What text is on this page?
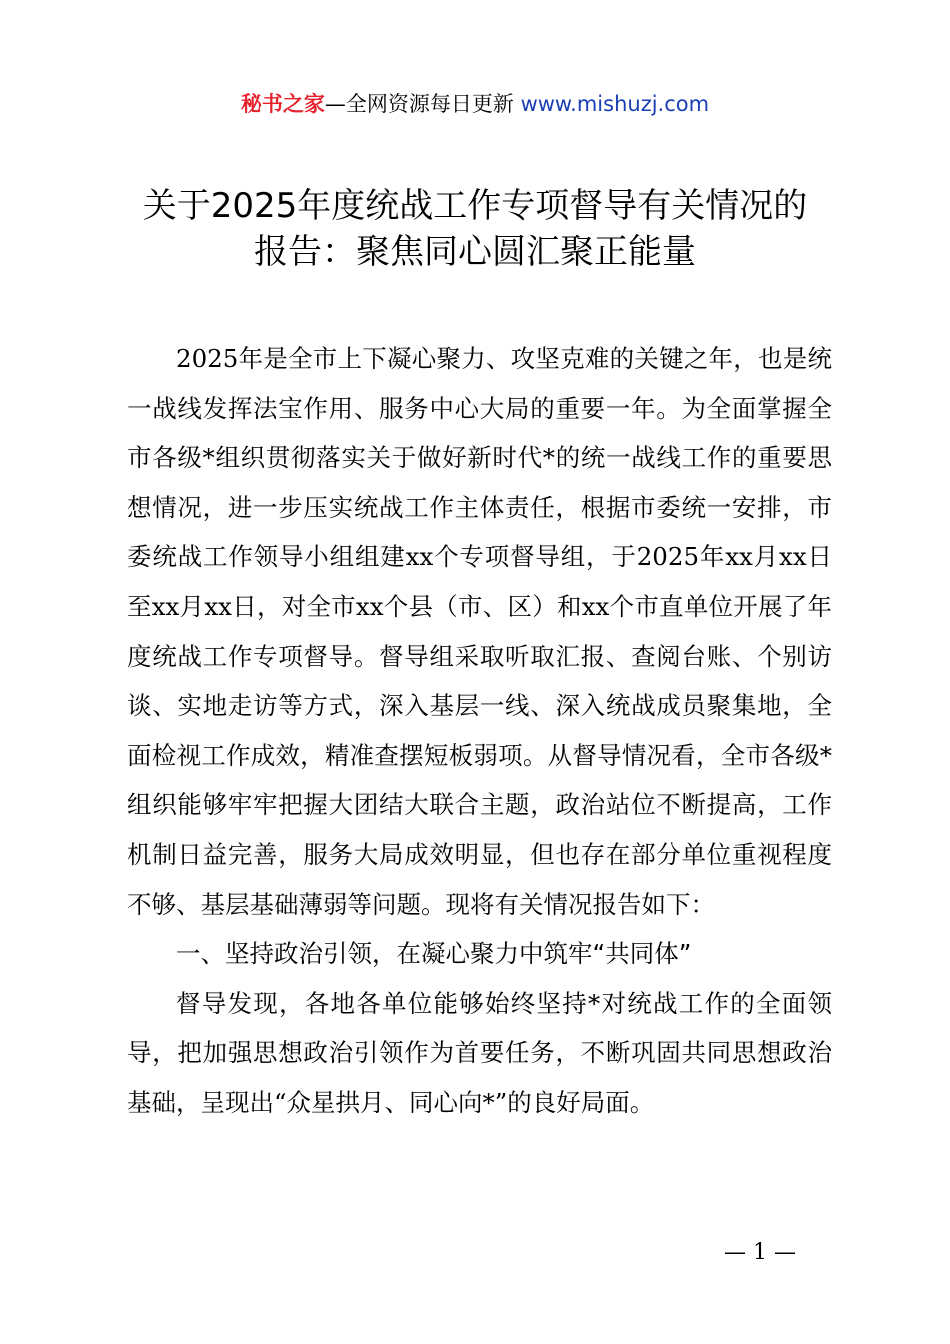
秘书之家—全网资源每日更新 www.mishuzj.com
关于2025年度统战工作专项督导有关情况的
报告：聚焦同心圆汇聚正能量

2025年是全市上下凝心聚力、攻坚克难的关键之年，也是统一战线发挥法宝作用、服务中心大局的重要一年。为全面掌握全市各级*组织贯彻落实关于做好新时代*的统一战线工作的重要思想情况，进一步压实统战工作主体责任，根据市委统一安排，市委统战工作领导小组组建xx个专项督导组，于2025年xx月xx日至xx月xx日，对全市xx个县（市、区）和xx个市直单位开展了年度统战工作专项督导。督导组采取听取汇报、查阅台账、个别访谈、实地走访等方式，深入基层一线、深入统战成员聚集地，全面检视工作成效，精准查摆短板弱项。从督导情况看，全市各级*组织能够牢牢把握大团结大联合主题，政治站位不断提高，工作机制日益完善，服务大局成效明显，但也存在部分单位重视程度不够、基层基础薄弱等问题。现将有关情况报告如下：

一、坚持政治引领，在凝心聚力中筑牢“共同体”

督导发现，各地各单位能够始终坚持*对统战工作的全面领导，把加强思想政治引领作为首要任务，不断巩固共同思想政治基础，呈现出“众星拱月、同心向*”的良好局面。

— 1 —
